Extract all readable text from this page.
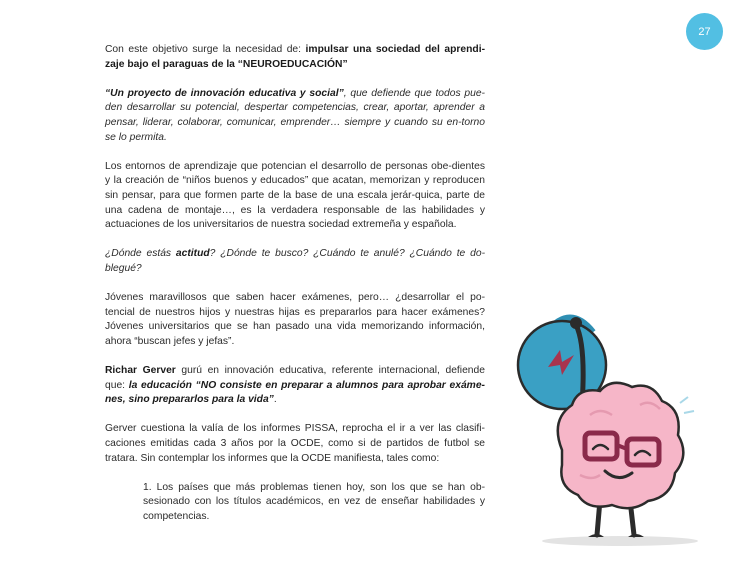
27

Con este objetivo surge la necesidad de: impulsar una sociedad del aprendi-zaje bajo el paraguas de la “NEUROEDUCACIÓN”

“Un proyecto de innovación educativa y social”, que defiende que todos pue-den desarrollar su potencial, despertar competencias, crear, aportar, aprender a pensar, liderar, colaborar, comunicar, emprender… siempre y cuando su en-torno se lo permita.

Los entornos de aprendizaje que potencian el desarrollo de personas obe-dientes y la creación de “niños buenos y educados” que acatan, memorizan y reproducen sin pensar, para que formen parte de la base de una escala jerár-quica, parte de una cadena de montaje…, es la verdadera responsable de las habilidades y actuaciones de los universitarios de nuestra sociedad extremeña y española.

¿Dónde estás actitud? ¿Dónde te busco? ¿Cuándo te anulé? ¿Cuándo te do-blegué?

Jóvenes maravillosos que saben hacer exámenes, pero… ¿desarrollar el po-tencial de nuestros hijos y nuestras hijas es prepararlos para hacer exámenes? Jóvenes universitarios que se han pasado una vida memorizando información, ahora “buscan jefes y jefas”.

Richar Gerver gurú en innovación educativa, referente internacional, defiende que: la educación “NO consiste en preparar a alumnos para aprobar exáme-nes, sino prepararlos para la vida”.

Gerver cuestiona la valía de los informes PISSA, reprocha el ir a ver las clasifi-caciones emitidas cada 3 años por la OCDE, como si de partidos de futbol se tratara. Sin contemplar los informes que la OCDE manifiesta, tales como:

1. Los países que más problemas tienen hoy, son los que se han ob-sesionado con los títulos académicos, en vez de enseñar habilidades y competencias.
